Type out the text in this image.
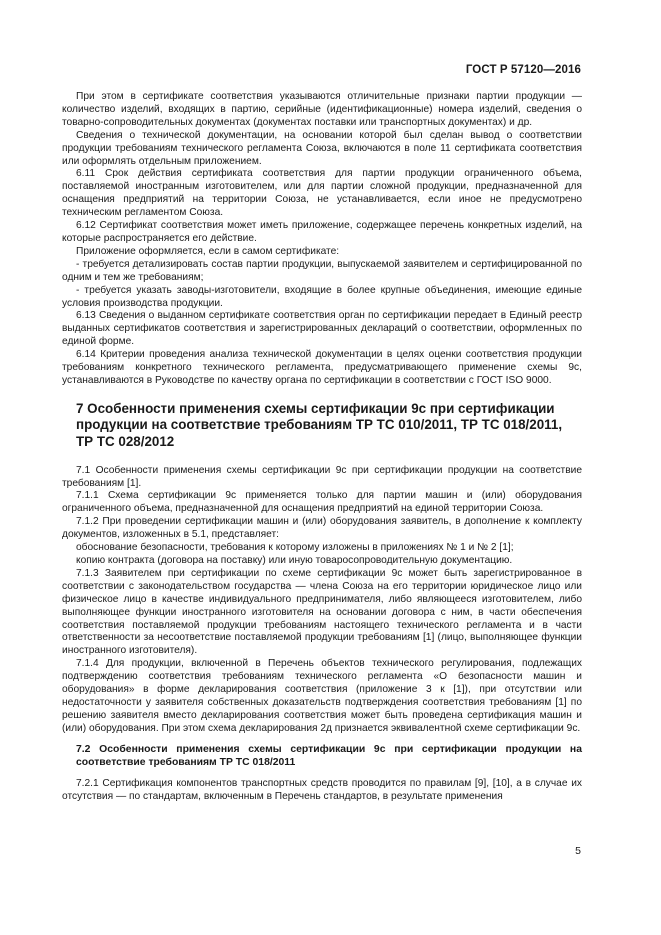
ГОСТ Р 57120—2016

При этом в сертификате соответствия указываются отличительные признаки партии продукции — количество изделий, входящих в партию, серийные (идентификационные) номера изделий, сведения о товарно-сопроводительных документах (документах поставки или транспортных документах) и др.

Сведения о технической документации, на основании которой был сделан вывод о соответствии продукции требованиям технического регламента Союза, включаются в поле 11 сертификата соответствия или оформлять отдельным приложением.

6.11 Срок действия сертификата соответствия для партии продукции ограниченного объема, поставляемой иностранным изготовителем, или для партии сложной продукции, предназначенной для оснащения предприятий на территории Союза, не устанавливается, если иное не предусмотрено техническим регламентом Союза.

6.12 Сертификат соответствия может иметь приложение, содержащее перечень конкретных изделий, на которые распространяется его действие.

Приложение оформляется, если в самом сертификате:

- требуется детализировать состав партии продукции, выпускаемой заявителем и сертифицированной по одним и тем же требованиям;

- требуется указать заводы-изготовители, входящие в более крупные объединения, имеющие единые условия производства продукции.

6.13 Сведения о выданном сертификате соответствия орган по сертификации передает в Единый реестр выданных сертификатов соответствия и зарегистрированных деклараций о соответствии, оформленных по единой форме.

6.14 Критерии проведения анализа технической документации в целях оценки соответствия продукции требованиям конкретного технического регламента, предусматривающего применение схемы 9с, устанавливаются в Руководстве по качеству органа по сертификации в соответствии с ГОСТ ISO 9000.

7 Особенности применения схемы сертификации 9с при сертификации продукции на соответствие требованиям ТР ТС 010/2011, ТР ТС 018/2011, ТР ТС 028/2012

7.1 Особенности применения схемы сертификации 9с при сертификации продукции на соответствие требованиям [1].

7.1.1 Схема сертификации 9с применяется только для партии машин и (или) оборудования ограниченного объема, предназначенной для оснащения предприятий на единой территории Союза.

7.1.2 При проведении сертификации машин и (или) оборудования заявитель, в дополнение к комплекту документов, изложенных в 5.1, представляет:

обоснование безопасности, требования к которому изложены в приложениях № 1 и № 2 [1];

копию контракта (договора на поставку) или иную товаросопроводительную документацию.

7.1.3 Заявителем при сертификации по схеме сертификации 9с может быть зарегистрированное в соответствии с законодательством государства — члена Союза на его территории юридическое лицо или физическое лицо в качестве индивидуального предпринимателя, либо являющееся изготовителем, либо выполняющее функции иностранного изготовителя на основании договора с ним, в части обеспечения соответствия поставляемой продукции требованиям настоящего технического регламента и в части ответственности за несоответствие поставляемой продукции требованиям [1] (лицо, выполняющее функции иностранного изготовителя).

7.1.4 Для продукции, включенной в Перечень объектов технического регулирования, подлежащих подтверждению соответствия требованиям технического регламента «О безопасности машин и оборудования» в форме декларирования соответствия (приложение 3 к [1]), при отсутствии или недостаточности у заявителя собственных доказательств подтверждения соответствия требованиям [1] по решению заявителя вместо декларирования соответствия может быть проведена сертификация машин и (или) оборудования. При этом схема декларирования 2д признается эквивалентной схеме сертификации 9с.

7.2 Особенности применения схемы сертификации 9с при сертификации продукции на соответствие требованиям ТР ТС 018/2011

7.2.1 Сертификация компонентов транспортных средств проводится по правилам [9], [10], а в случае их отсутствия — по стандартам, включенным в Перечень стандартов, в результате применения

5
